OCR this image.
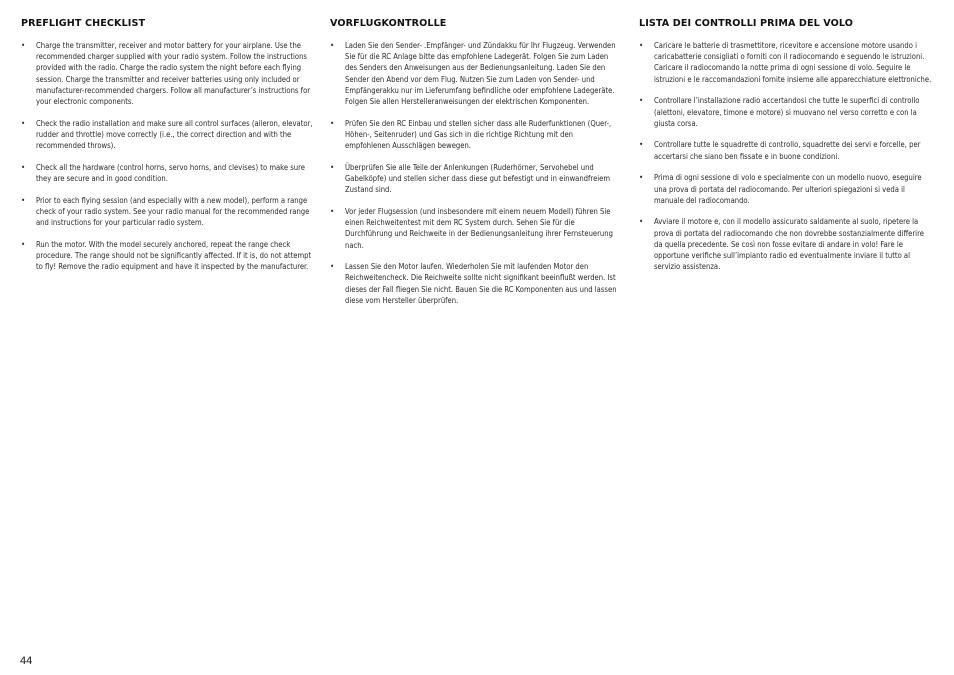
PREFLIGHT CHECKLIST
• Charge the transmitter, receiver and motor battery for your airplane. Use the recommended charger supplied with your radio system. Follow the instructions provided with the radio. Charge the radio system the night before each flying session. Charge the transmitter and receiver batteries using only included or manufacturer-recommended chargers. Follow all manufacturer’s instructions for your electronic components.
• Check the radio installation and make sure all control surfaces (aileron, elevator, rudder and throttle) move correctly (i.e., the correct direction and with the recommended throws).
• Check all the hardware (control horns, servo horns, and clevises) to make sure they are secure and in good condition.
• Prior to each flying session (and especially with a new model), perform a range check of your radio system. See your radio manual for the recommended range and instructions for your particular radio system.
• Run the motor. With the model securely anchored, repeat the range check procedure. The range should not be significantly affected. If it is, do not attempt to fly! Remove the radio equipment and have it inspected by the manufacturer.
VORFLUGKONTROLLE
• Laden Sie den Sender- .Empfänger- und Zündakku für Ihr Flugzeug. Verwenden Sie für die RC Anlage bitte das empfohlene Ladegerät. Folgen Sie zum Laden des Senders den Anweisungen aus der Bedienungsanleitung. Laden Sie den Sender den Abend vor dem Flug. Nutzen Sie zum Laden von Sender- und Empfängerakku nur im Lieferumfang befindliche oder empfohlene Ladegeräte. Folgen Sie allen Herstelleranweisungen der elektrischen Komponenten.
• Prüfen Sie den RC Einbau und stellen sicher dass alle Ruderfunktionen (Quer-, Höhen-, Seitenruder) und Gas sich in die richtige Richtung mit den empfohlenen Ausschlägen bewegen.
• Überprüfen Sie alle Teile der Anlenkungen (Ruderhörner, Servohebel und Gabelköpfe) und stellen sicher dass diese gut befestigt und in einwandfreiem Zustand sind.
• Vor jeder Flugsession (und insbesondere mit einem neuem Modell) führen Sie einen Reichweitentest mit dem RC System durch. Sehen Sie für die Durchführung und Reichweite in der Bedienungsanleitung ihrer Fernsteuerung nach.
• Lassen Sie den Motor laufen. Wiederholen Sie mit laufenden Motor den Reichweitencheck. Die Reichweite sollte nicht signifikant beeinflußt werden. Ist dieses der Fall fliegen Sie nicht. Bauen Sie die RC Komponenten aus und lassen diese vom Hersteller überprüfen.
LISTA DEI CONTROLLI PRIMA DEL VOLO
• Caricare le batterie di trasmettitore, ricevitore e accensione motore usando i caricabatterie consigliati o forniti con il radiocomando e seguendo le istruzioni. Caricare il radiocomando la notte prima di ogni sessione di volo. Seguire le istruzioni e le raccomandazioni fornite insieme alle apparecchiature elettroniche.
• Controllare l’installazione radio accertandosi che tutte le superfici di controllo (alettoni, elevatore, timone e motore) si muovano nel verso corretto e con la giusta corsa.
• Controllare tutte le squadrette di controllo, squadrette dei servi e forcelle, per accertarsi che siano ben fissate e in buone condizioni.
• Prima di ogni sessione di volo e specialmente con un modello nuovo, eseguire una prova di portata del radiocomando. Per ulteriori spiegazioni si veda il manuale del radiocomando.
• Avviare il motore e, con il modello assicurato saldamente al suolo, ripetere la prova di portata del radiocomando che non dovrebbe sostanzialmente differire da quella precedente. Se così non fosse evitare di andare in volo! Fare le opportune verifiche sull’impianto radio ed eventualmente inviare il tutto al servizio assistenza.
44
